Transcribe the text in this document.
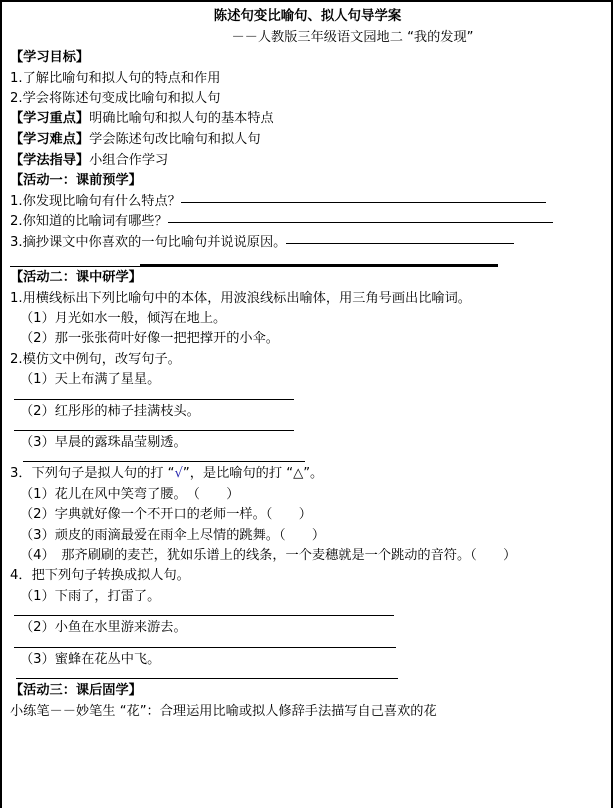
陈述句变比喻句、拟人句导学案
－－人教版三年级语文园地二 “我的发现”
【学习目标】
1.了解比喻句和拟人句的特点和作用
2.学会将陈述句变成比喻句和拟人句
【学习重点】明确比喻句和拟人句的基本特点
【学习难点】学会陈述句改比喻句和拟人句
【学法指导】小组合作学习
【活动一：课前预学】
1.你发现比喻句有什么特点？
2.你知道的比喻词有哪些？
3.摘抄课文中你喜欢的一句比喻句并说说原因。
【活动二：课中研学】
1.用横线标出下列比喻句中的本体，用波浪线标出喻体，用三角号画出比喻词。
（1）月光如水一般，倾泻在地上。
（2）那一张张荷叶好像一把把撑开的小伞。
2.模仿文中例句，改写句子。
（1）天上布满了星星。
（2）红彤彤的柿子挂满枝头。
（3）早晨的露珠晶莹剔透。
3．下列句子是拟人句的打 “√”，是比喻句的打 “△”。
（1）花儿在风中笑弯了腰。　（　　）
（2）字典就好像一个不开口的老师一样。（　　）
（3）顽皮的雨滴最爱在雨伞上尽情的跳舞。（　　）
（4）　那齐刷刷的麦芒，犹如乐谱上的线条，一个麦穗就是一个跳动的音符。（　　）
4．把下列句子转换成拟人句。
（1）下雨了，打雷了。
（2）小鱼在水里游来游去。
（3）蜜蜂在花丛中飞。
【活动三：课后固学】
小练笔－－妙笔生 “花”：合理运用比喻或拟人修辞手法描写自己喜欢的花
